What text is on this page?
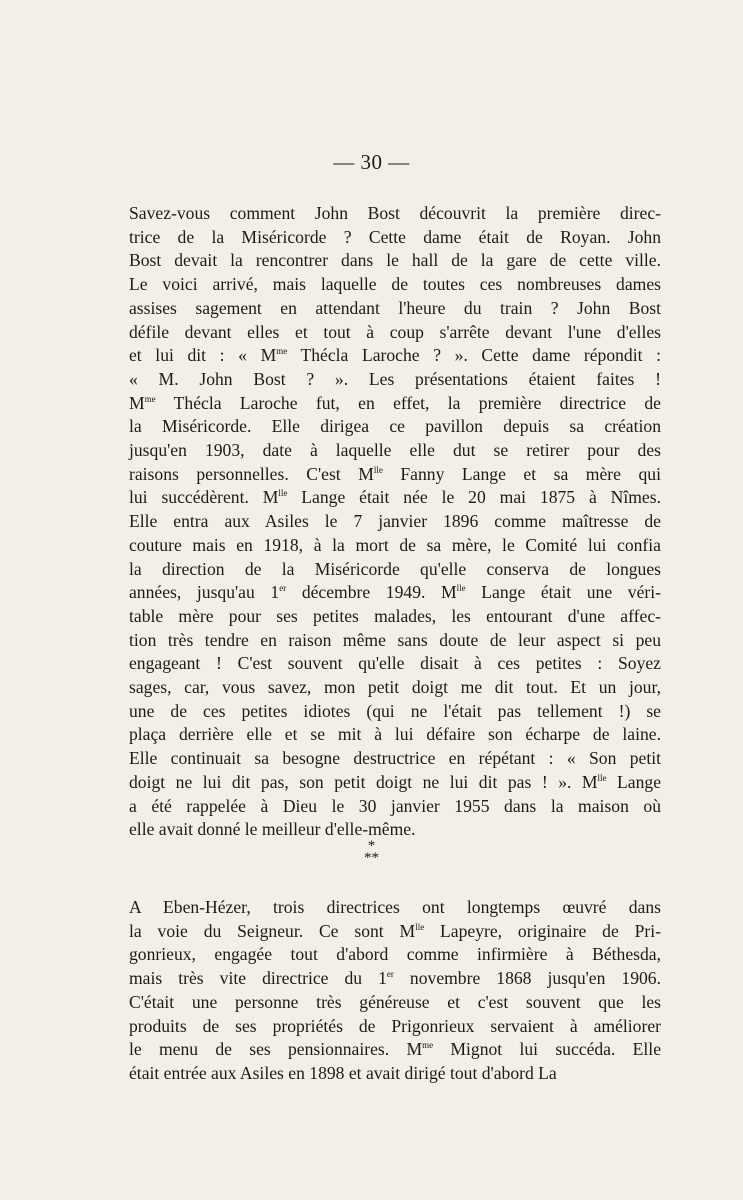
— 30 —
Savez-vous comment John Bost découvrit la première direc-
trice de la Miséricorde ? Cette dame était de Royan. John
Bost devait la rencontrer dans le hall de la gare de cette ville.
Le voici arrivé, mais laquelle de toutes ces nombreuses dames
assises sagement en attendant l'heure du train ? John Bost
défile devant elles et tout à coup s'arrête devant l'une d'elles
et lui dit : « $M^{me}$ Thécla Laroche ? ». Cette dame répondit :
« M. John Bost ? ». Les présentations étaient faites !
$M^{me}$ Thécla Laroche fut, en effet, la première directrice de
la Miséricorde. Elle dirigea ce pavillon depuis sa création
jusqu'en 1903, date à laquelle elle dut se retirer pour des
raisons personnelles. C'est $M^{lle}$ Fanny Lange et sa mère qui
lui succédèrent. $M^{lle}$ Lange était née le 20 mai 1875 à Nîmes.
Elle entra aux Asiles le 7 janvier 1896 comme maîtresse de
couture mais en 1918, à la mort de sa mère, le Comité lui confia
la direction de la Miséricorde qu'elle conserva de longues
années, jusqu'au 1er décembre 1949. $M^{lle}$ Lange était une véri-
table mère pour ses petites malades, les entourant d'une affec-
tion très tendre en raison même sans doute de leur aspect si peu
engageant ! C'est souvent qu'elle disait à ces petites : Soyez
sages, car, vous savez, mon petit doigt me dit tout. Et un jour,
une de ces petites idiotes (qui ne l'était pas tellement !) se
plaça derrière elle et se mit à lui défaire son écharpe de laine.
Elle continuait sa besogne destructrice en répétant : « Son petit
doigt ne lui dit pas, son petit doigt ne lui dit pas ! ». $M^{lle}$ Lange
a été rappelée à Dieu le 30 janvier 1955 dans la maison où
elle avait donné le meilleur d'elle-même.
*
**
A Eben-Hézer, trois directrices ont longtemps œuvré dans
la voie du Seigneur. Ce sont $M^{lle}$ Lapeyre, originaire de Pri-
gonrieux, engagée tout d'abord comme infirmière à Béthesda,
mais très vite directrice du 1er novembre 1868 jusqu'en 1906.
C'était une personne très généreuse et c'est souvent que les
produits de ses propriétés de Prigonrieux servaient à améliorer
le menu de ses pensionnaires. $M^{me}$ Mignot lui succéda. Elle
était entrée aux Asiles en 1898 et avait dirigé tout d'abord La
